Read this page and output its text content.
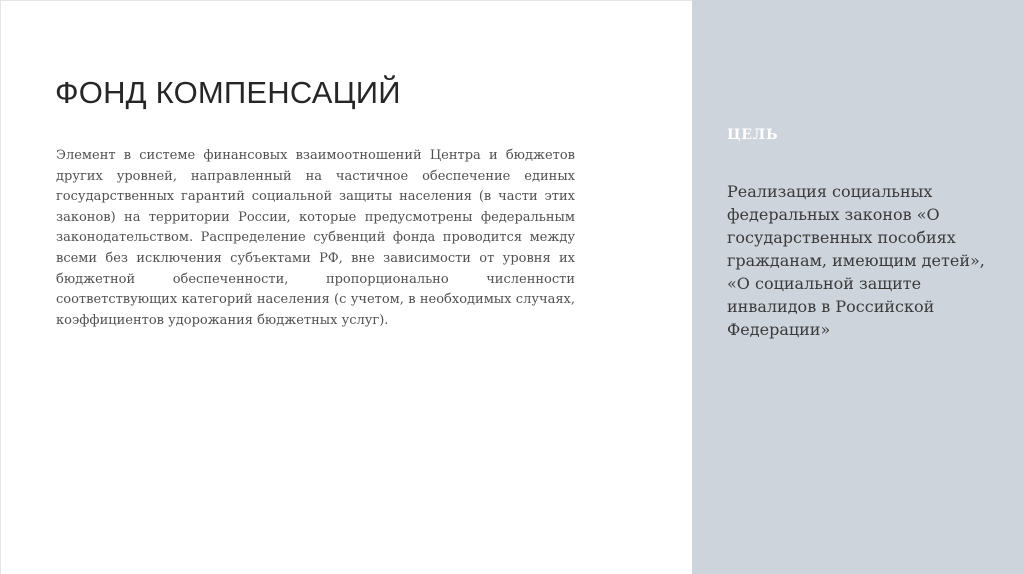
ФОНД КОМПЕНСАЦИЙ

Элемент в системе финансовых взаимоотношений Центра и бюджетов других уровней, направленный на частичное обеспечение единых государственных гарантий социальной защиты населения (в части этих законов) на территории России, которые предусмотрены федеральным законодательством. Распределение субвенций фонда проводится между всеми без исключения субъектами РФ, вне зависимости от уровня их бюджетной обеспеченности, пропорционально численности соответствующих категорий населения (с учетом, в необходимых случаях, коэффициентов удорожания бюджетных услуг).

ЦЕЛЬ

Реализация социальных федеральных законов «О государственных пособиях гражданам, имеющим детей», «О социальной защите инвалидов в Российской Федерации»
